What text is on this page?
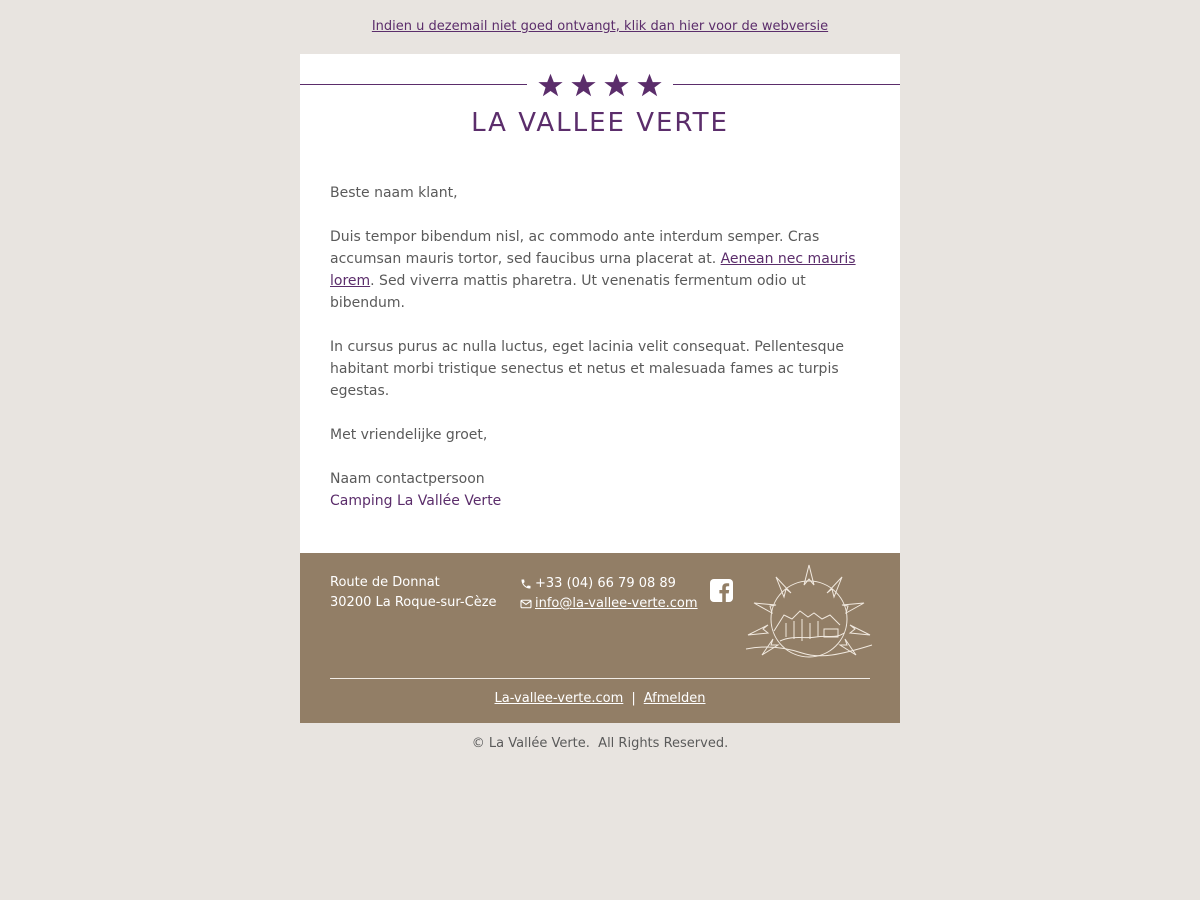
Indien u dezemail niet goed ontvangt, klik dan hier voor de webversie
LA VALLEE VERTE

Beste naam klant,

Duis tempor bibendum nisl, ac commodo ante interdum semper. Cras accumsan mauris tortor, sed faucibus urna placerat at. Aenean nec mauris lorem. Sed viverra mattis pharetra. Ut venenatis fermentum odio ut bibendum.

In cursus purus ac nulla luctus, eget lacinia velit consequat. Pellentesque habitant morbi tristique senectus et netus et malesuada fames ac turpis egestas.

Met vriendelijke groet,

Naam contactpersoon
Camping La Vallée Verte

Route de Donnat
30200 La Roque-sur-Cèze
+33 (04) 66 79 08 89
info@la-vallee-verte.com
La-vallee-verte.com | Afmelden
© La Vallée Verte.  All Rights Reserved.
